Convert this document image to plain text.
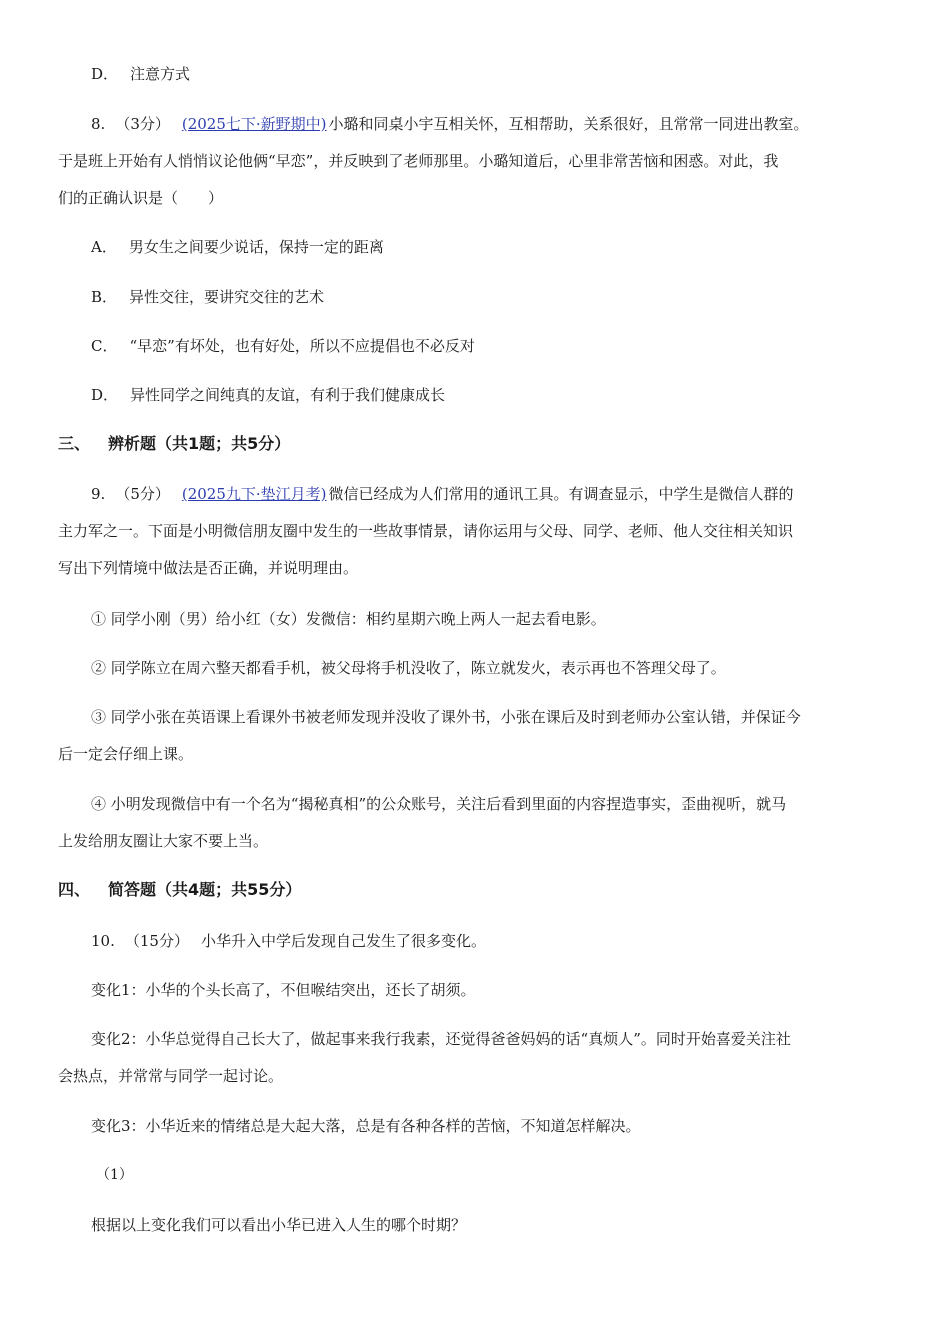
D． 注意方式
8. （3分） (2025七下·新野期中) 小璐和同桌小宇互相关怀，互相帮助，关系很好，且常常一同进出教室。
于是班上开始有人悄悄议论他俩“早恋”，并反映到了老师那里。小璐知道后，心里非常苦恼和困惑。对此，我
们的正确认识是（　　）
A． 男女生之间要少说话，保持一定的距离
B． 异性交往，要讲究交往的艺术
C． “早恋”有坏处，也有好处，所以不应提倡也不必反对
D． 异性同学之间纯真的友谊，有利于我们健康成长
三、 辨析题（共1题；共5分）
9. （5分） (2025九下·垫江月考) 微信已经成为人们常用的通讯工具。有调查显示，中学生是微信人群的
主力军之一。下面是小明微信朋友圈中发生的一些故事情景，请你运用与父母、同学、老师、他人交往相关知识
写出下列情境中做法是否正确，并说明理由。
① 同学小刚（男）给小红（女）发微信：相约星期六晚上两人一起去看电影。
② 同学陈立在周六整天都看手机，被父母将手机没收了，陈立就发火，表示再也不答理父母了。
③ 同学小张在英语课上看课外书被老师发现并没收了课外书，小张在课后及时到老师办公室认错，并保证今
后一定会仔细上课。
④ 小明发现微信中有一个名为“揭秘真相”的公众账号，关注后看到里面的内容捏造事实，歪曲视听，就马
上发给朋友圈让大家不要上当。
四、 简答题（共4题；共55分）
10. （15分） 小华升入中学后发现自己发生了很多变化。
变化1：小华的个头长高了，不但喉结突出，还长了胡须。
变化2：小华总觉得自己长大了，做起事来我行我素，还觉得爸爸妈妈的话“真烦人”。同时开始喜爱关注社
会热点，并常常与同学一起讨论。
变化3：小华近来的情绪总是大起大落，总是有各种各样的苦恼，不知道怎样解决。
（1）
根据以上变化我们可以看出小华已进入人生的哪个时期？
